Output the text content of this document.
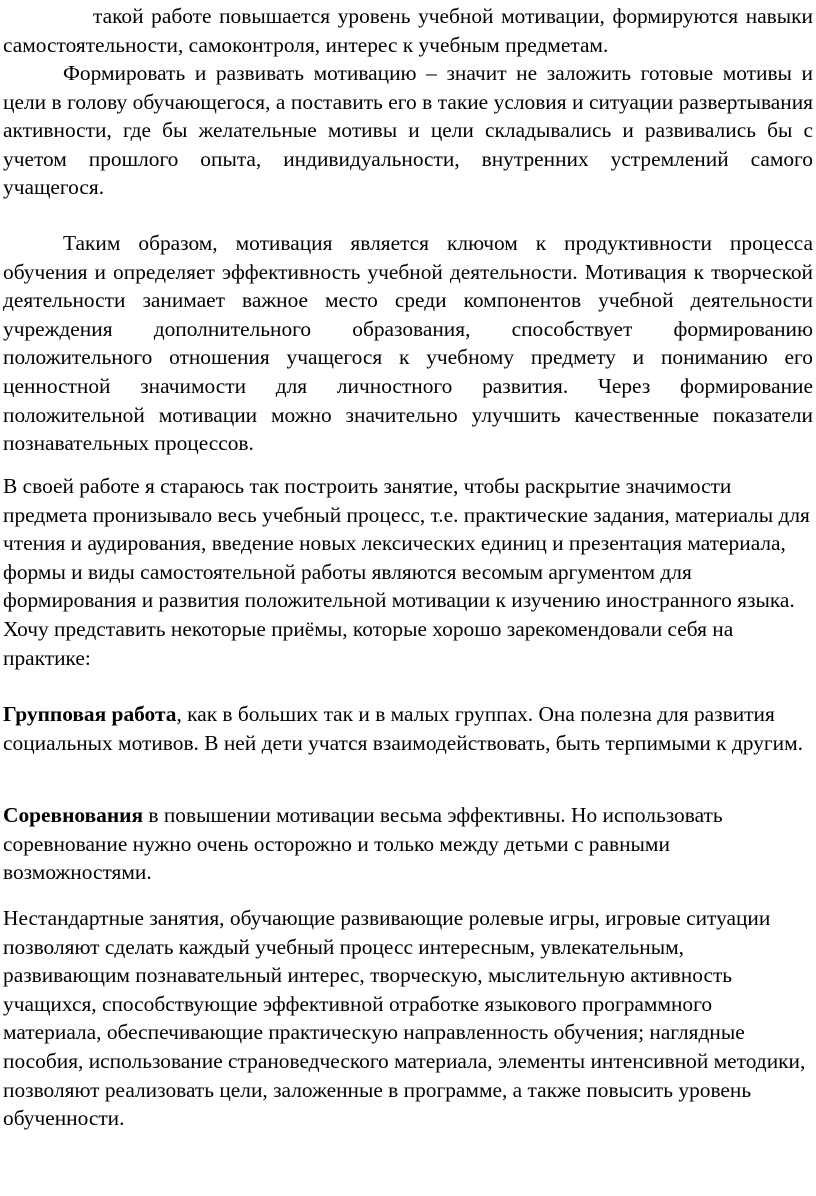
такой работе повышается уровень учебной мотивации, формируются навыки самостоятельности, самоконтроля, интерес к учебным предметам.

Формировать и развивать мотивацию – значит не заложить готовые мотивы и цели в голову обучающегося, а поставить его в такие условия и ситуации развертывания активности, где бы желательные мотивы и цели складывались и развивались бы с учетом прошлого опыта, индивидуальности, внутренних устремлений самого учащегося.

Таким образом, мотивация является ключом к продуктивности процесса обучения и определяет эффективность учебной деятельности. Мотивация к творческой деятельности занимает важное место среди компонентов учебной деятельности учреждения дополнительного образования, способствует формированию положительного отношения учащегося к учебному предмету и пониманию его ценностной значимости для личностного развития. Через формирование положительной мотивации можно значительно улучшить качественные показатели познавательных процессов.

В своей работе я стараюсь так построить занятие, чтобы раскрытие значимости предмета пронизывало весь учебный процесс, т.е. практические задания, материалы для чтения и аудирования, введение новых лексических единиц и презентация материала, формы и виды самостоятельной работы являются весомым аргументом для формирования и развития положительной мотивации к изучению иностранного языка. Хочу представить некоторые приёмы, которые хорошо зарекомендовали себя на практике:

Групповая работа, как в больших так и в малых группах. Она полезна для развития социальных мотивов. В ней дети учатся взаимодействовать, быть терпимыми к другим.

Соревнования в повышении мотивации весьма эффективны. Но использовать соревнование нужно очень осторожно и только между детьми с равными возможностями.

Нестандартные занятия, обучающие развивающие ролевые игры, игровые ситуации позволяют сделать каждый учебный процесс интересным, увлекательным, развивающим познавательный интерес, творческую, мыслительную активность учащихся, способствующие эффективной отработке языкового программного материала, обеспечивающие практическую направленность обучения; наглядные пособия, использование страноведческого материала, элементы интенсивной методики, позволяют реализовать цели, заложенные в программе, а также повысить уровень обученности.
